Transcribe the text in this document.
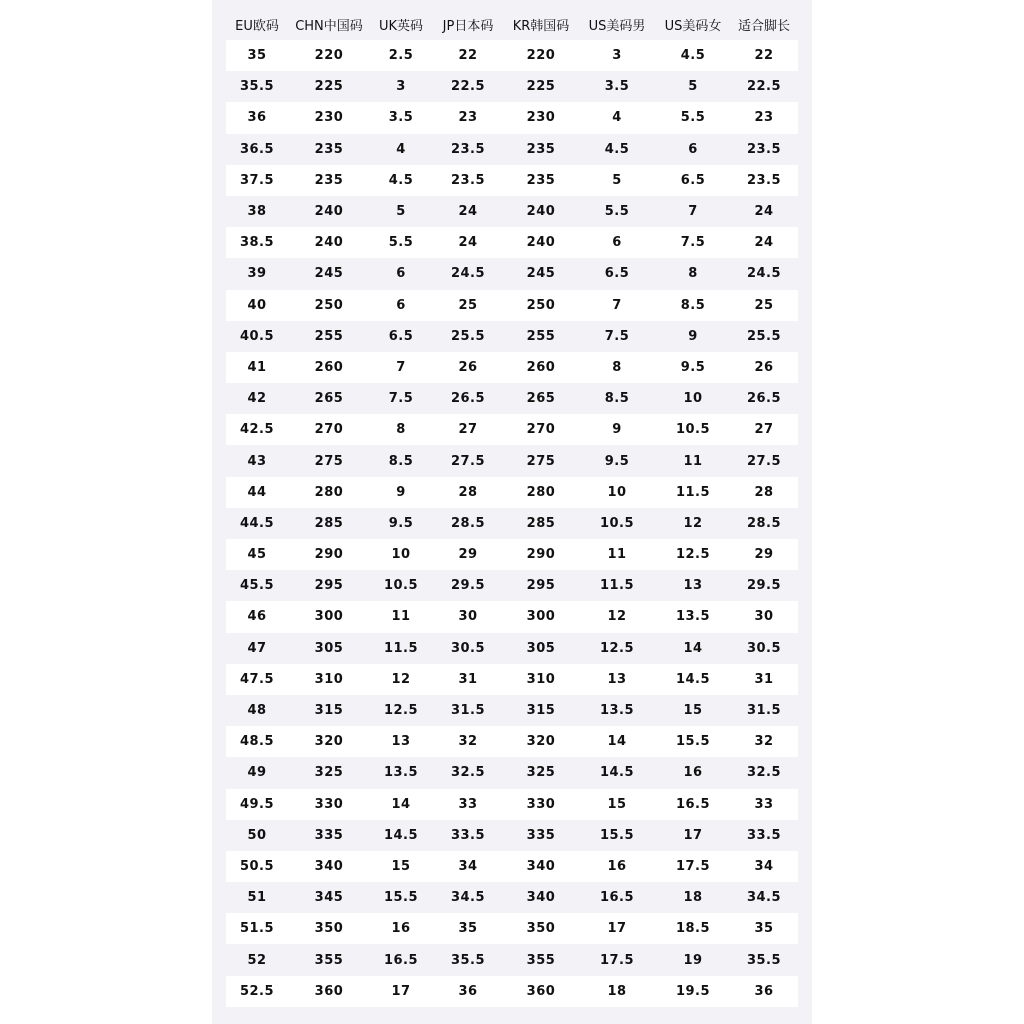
EU欧码	CHN中国码	UK英码	JP日本码	KR韩国码	US美码男	US美码女	适合脚长
35	220	2.5	22	220	3	4.5	22
35.5	225	3	22.5	225	3.5	5	22.5
36	230	3.5	23	230	4	5.5	23
36.5	235	4	23.5	235	4.5	6	23.5
37.5	235	4.5	23.5	235	5	6.5	23.5
38	240	5	24	240	5.5	7	24
38.5	240	5.5	24	240	6	7.5	24
39	245	6	24.5	245	6.5	8	24.5
40	250	6	25	250	7	8.5	25
40.5	255	6.5	25.5	255	7.5	9	25.5
41	260	7	26	260	8	9.5	26
42	265	7.5	26.5	265	8.5	10	26.5
42.5	270	8	27	270	9	10.5	27
43	275	8.5	27.5	275	9.5	11	27.5
44	280	9	28	280	10	11.5	28
44.5	285	9.5	28.5	285	10.5	12	28.5
45	290	10	29	290	11	12.5	29
45.5	295	10.5	29.5	295	11.5	13	29.5
46	300	11	30	300	12	13.5	30
47	305	11.5	30.5	305	12.5	14	30.5
47.5	310	12	31	310	13	14.5	31
48	315	12.5	31.5	315	13.5	15	31.5
48.5	320	13	32	320	14	15.5	32
49	325	13.5	32.5	325	14.5	16	32.5
49.5	330	14	33	330	15	16.5	33
50	335	14.5	33.5	335	15.5	17	33.5
50.5	340	15	34	340	16	17.5	34
51	345	15.5	34.5	340	16.5	18	34.5
51.5	350	16	35	350	17	18.5	35
52	355	16.5	35.5	355	17.5	19	35.5
52.5	360	17	36	360	18	19.5	36
